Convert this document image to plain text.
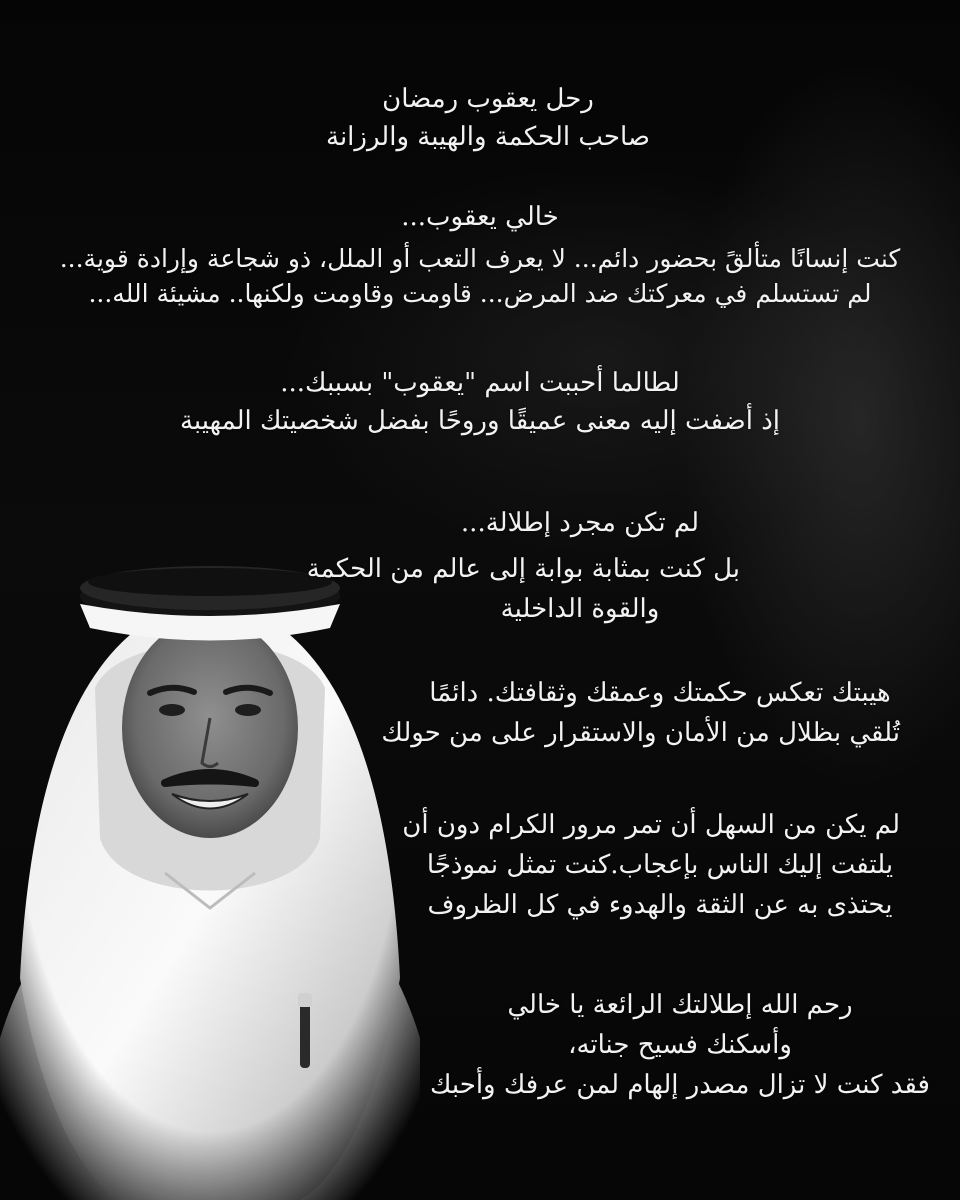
رحل يعقوب رمضان
صاحب الحكمة والهيبة والرزانة
خالي يعقوب...
كنت إنسانًا متألقً بحضور دائم... لا يعرف التعب أو الملل، ذو شجاعة وإرادة قوية...
لم تستسلم في معركتك ضد المرض... قاومت وقاومت ولكنها.. مشيئة الله...
لطالما أحببت اسم "يعقوب" بسببك...
إذ أضفت إليه معنى عميقًا وروحًا بفضل شخصيتك المهيبة
لم تكن مجرد إطلالة...
بل كنت بمثابة بوابة إلى عالم من الحكمة
والقوة الداخلية
هيبتك تعكس حكمتك وعمقك وثقافتك. دائمًا
تُلقي بظلال من الأمان والاستقرار على من حولك
لم يكن من السهل أن تمر مرور الكرام دون أن
يلتفت إليك الناس بإعجاب.كنت تمثل نموذجًا
يحتذى به عن الثقة والهدوء في كل الظروف
رحم الله إطلالتك الرائعة يا خالي
وأسكنك فسيح جناته،
فقد كنت لا تزال مصدر إلهام لمن عرفك وأحبك
